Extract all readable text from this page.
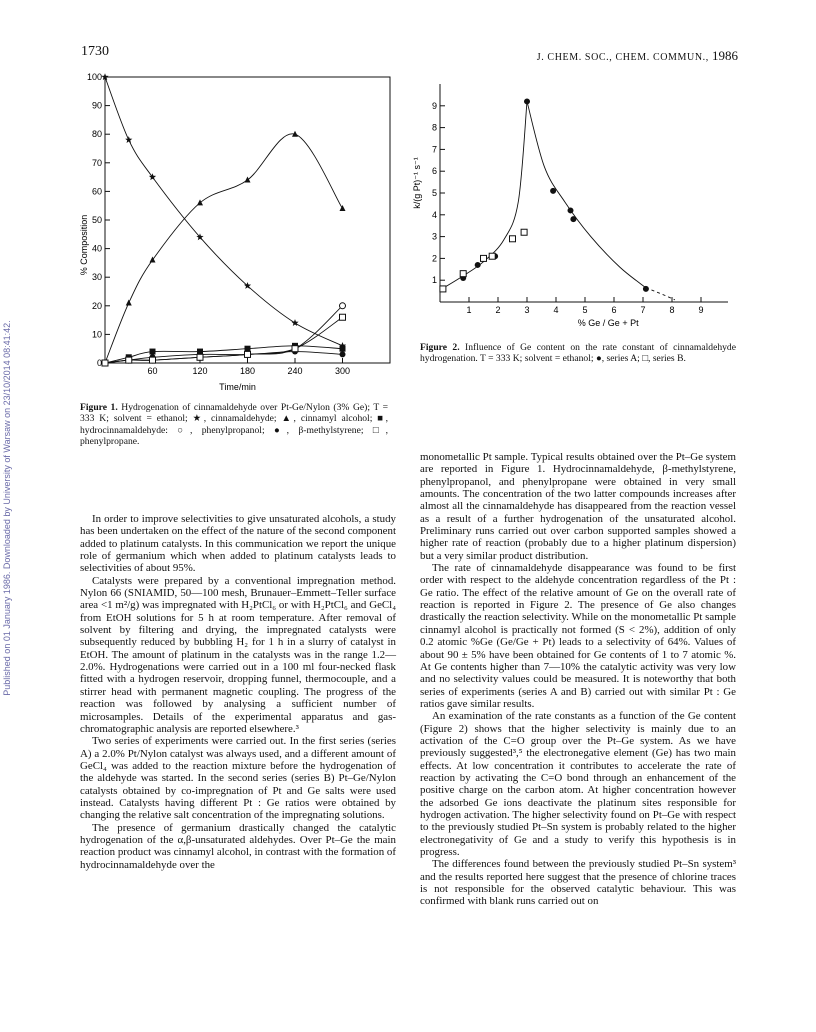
Published on 01 January 1986. Downloaded by University of Warsaw on 23/10/2014 08:41:42.
1730	J. CHEM. SOC., CHEM. COMMUN., 1986
0
10
20
30
40
50
60
70
80
90
100
60	120	180	240	300
Time/min
% Composition
Figure 1. Hydrogenation of cinnamaldehyde over Pt-Ge/Nylon (3% Ge); T = 333 K; solvent = ethanol; ★, cinnamaldehyde; ▲, cinnamyl alcohol; ■, hydrocinnamaldehyde: ○, phenylpropanol; ●, β-methylstyrene; □, phenylpropane.
1
2
3
4
5
6
7
8
9
1	2	3	4	5	6	7	8	9
% Ge / Ge + Pt
k/(g Pt)⁻¹ s⁻¹
Figure 2. Influence of Ge content on the rate constant of cinnamaldehyde hydrogenation. T = 333 K; solvent = ethanol; ●, series A; □, series B.

In order to improve selectivities to give unsaturated alcohols, a study has been undertaken on the effect of the nature of the second component added to platinum catalysts. In this communication we report the unique role of germanium which when added to platinum catalysts leads to selectivities of about 95%.

Catalysts were prepared by a conventional impregnation method. Nylon 66 (SNIAMID, 50—100 mesh, Brunauer–Emmett–Teller surface area <1 m²/g) was impregnated with H₂PtCl₆ or with H₂PtCl₆ and GeCl₄ from EtOH solutions for 5 h at room temperature. After removal of solvent by filtering and drying, the impregnated catalysts were subsequently reduced by bubbling H₂ for 1 h in a slurry of catalyst in EtOH. The amount of platinum in the catalysts was in the range 1.2—2.0%. Hydrogenations were carried out in a 100 ml four-necked flask fitted with a hydrogen reservoir, dropping funnel, thermocouple, and a stirrer head with permanent magnetic coupling. The progress of the reaction was followed by analysing a sufficient number of microsamples. Details of the experimental apparatus and gas-chromatographic analysis are reported elsewhere.³

Two series of experiments were carried out. In the first series (series A) a 2.0% Pt/Nylon catalyst was always used, and a different amount of GeCl₄ was added to the reaction mixture before the hydrogenation of the aldehyde was started. In the second series (series B) Pt–Ge/Nylon catalysts obtained by co-impregnation of Pt and Ge salts were used instead. Catalysts having different Pt : Ge ratios were obtained by changing the relative salt concentration of the impregnating solutions.

The presence of germanium drastically changed the catalytic hydrogenation of the α,β-unsaturated aldehydes. Over Pt–Ge the main reaction product was cinnamyl alcohol, in contrast with the formation of hydrocinnamaldehyde over the

monometallic Pt sample. Typical results obtained over the Pt–Ge system are reported in Figure 1. Hydrocinnamaldehyde, β-methylstyrene, phenylpropanol, and phenylpropane were obtained in very small amounts. The concentration of the two latter compounds increases after almost all the cinnamaldehyde has disappeared from the reaction vessel as a result of a further hydrogenation of the unsaturated alcohol. Preliminary runs carried out over carbon supported samples showed a higher rate of reaction (probably due to a higher platinum dispersion) but a very similar product distribution.

The rate of cinnamaldehyde disappearance was found to be first order with respect to the aldehyde concentration regardless of the Pt : Ge ratio. The effect of the relative amount of Ge on the overall rate of reaction is reported in Figure 2. The presence of Ge also changes drastically the reaction selectivity. While on the monometallic Pt sample cinnamyl alcohol is practically not formed (S < 2%), addition of only 0.2 atomic %Ge (Ge/Ge + Pt) leads to a selectivity of 64%. Values of about 90 ± 5% have been obtained for Ge contents of 1 to 7 atomic %. At Ge contents higher than 7—10% the catalytic activity was very low and no selectivity values could be measured. It is noteworthy that both series of experiments (series A and B) carried out with similar Pt : Ge ratios gave similar results.

An examination of the rate constants as a function of the Ge content (Figure 2) shows that the higher selectivity is mainly due to an activation of the C=O group over the Pt–Ge system. As we have previously suggested³,⁵ the electronegative element (Ge) has two main effects. At low concentration it contributes to accelerate the rate of reaction by activating the C=O bond through an enhancement of the positive charge on the carbon atom. At higher concentration however the adsorbed Ge ions deactivate the platinum sites responsible for hydrogen activation. The higher selectivity found on Pt–Ge with respect to the previously studied Pt–Sn system is probably related to the higher electronegativity of Ge and a study to verify this hypothesis is in progress.

The differences found between the previously studied Pt–Sn system³ and the results reported here suggest that the presence of chlorine traces is not responsible for the observed catalytic behaviour. This was confirmed with blank runs carried out on
